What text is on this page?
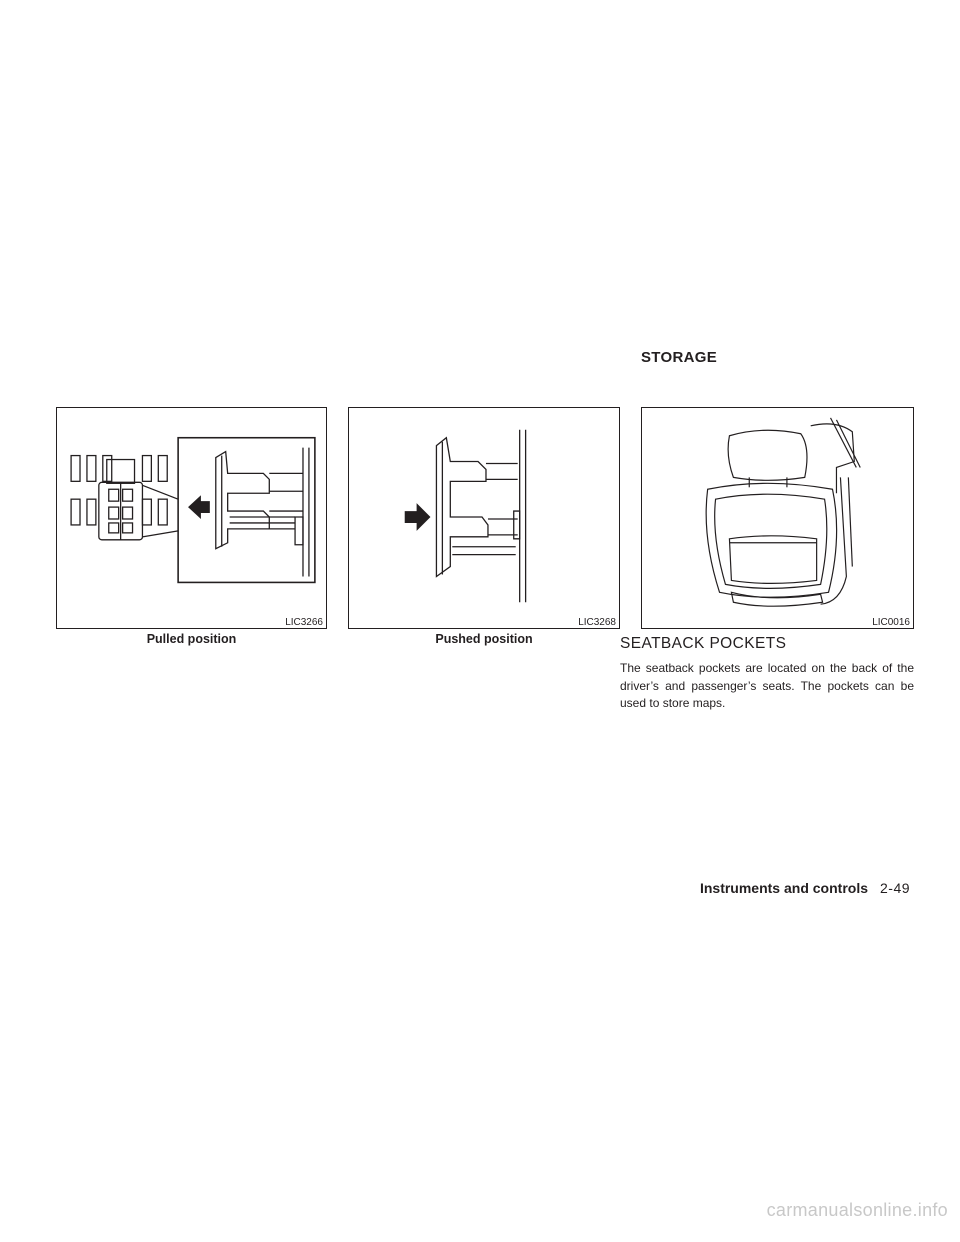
STORAGE
LIC3266
Pulled position
LIC3268
Pushed position
LIC0016
SEATBACK POCKETS
The seatback pockets are located on the back of the driver’s and passenger’s seats. The pockets can be used to store maps.
Instruments and controls 2-49
carmanualsonline.info
